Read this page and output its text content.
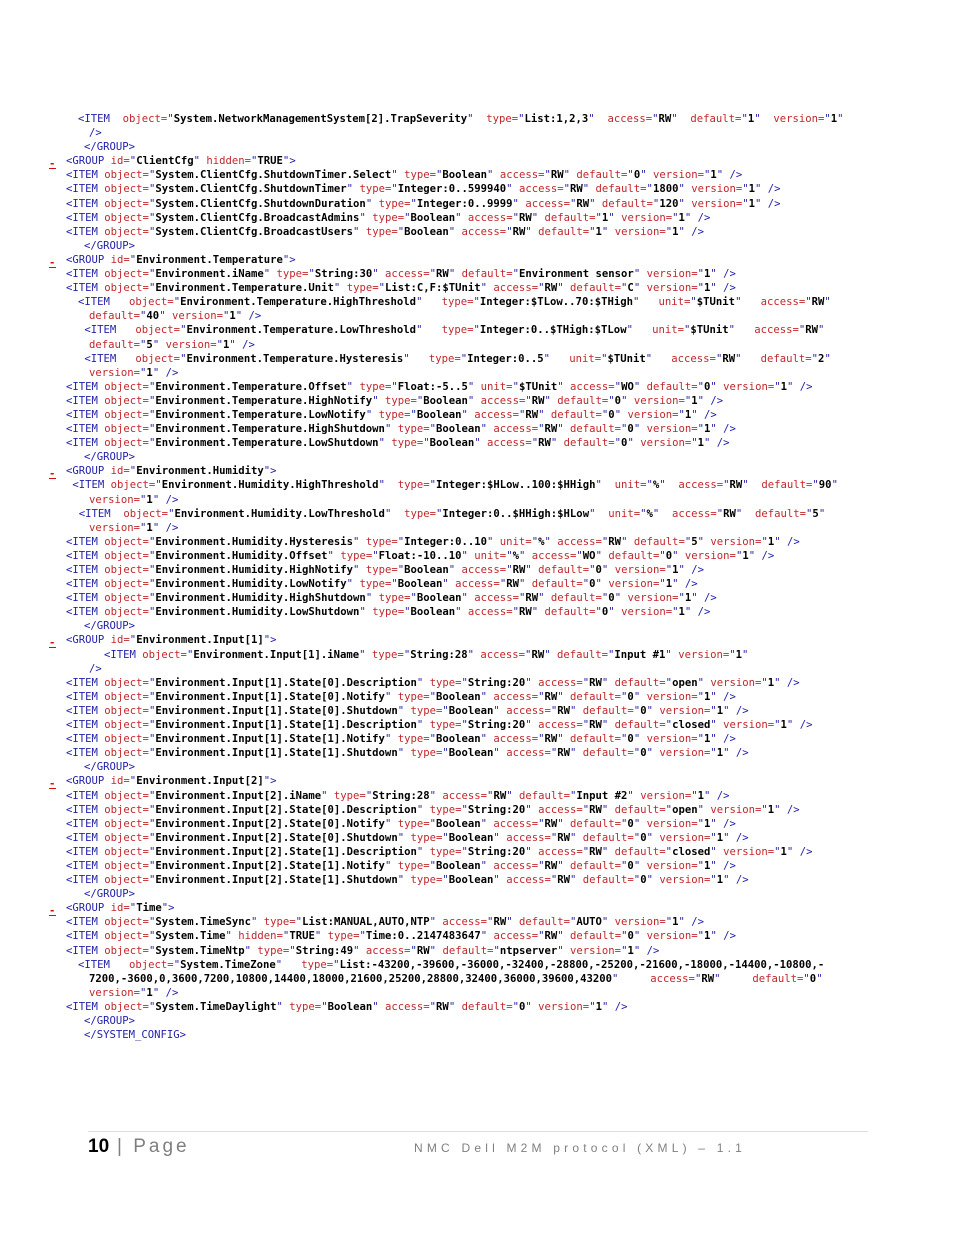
<ITEM  object="System.NetworkManagementSystem[2].TrapSeverity"  type="List:1,2,3"  access="RW"  default="1"  version="1"
/>
</GROUP>
- <GROUP id="ClientCfg" hidden="TRUE">
<ITEM object="System.ClientCfg.ShutdownTimer.Select" type="Boolean" access="RW" default="0" version="1" />
<ITEM object="System.ClientCfg.ShutdownTimer" type="Integer:0..599940" access="RW" default="1800" version="1" />
<ITEM object="System.ClientCfg.ShutdownDuration" type="Integer:0..9999" access="RW" default="120" version="1" />
<ITEM object="System.ClientCfg.BroadcastAdmins" type="Boolean" access="RW" default="1" version="1" />
<ITEM object="System.ClientCfg.BroadcastUsers" type="Boolean" access="RW" default="1" version="1" />
</GROUP>
- <GROUP id="Environment.Temperature">
<ITEM object="Environment.iName" type="String:30" access="RW" default="Environment sensor" version="1" />
<ITEM object="Environment.Temperature.Unit" type="List:C,F:$TUnit" access="RW" default="C" version="1" />
<ITEM   object="Environment.Temperature.HighThreshold"   type="Integer:$TLow..70:$THigh"   unit="$TUnit"   access="RW"
default="40" version="1" />
<ITEM   object="Environment.Temperature.LowThreshold"   type="Integer:0..$THigh:$TLow"   unit="$TUnit"   access="RW"
default="5" version="1" />
<ITEM   object="Environment.Temperature.Hysteresis"   type="Integer:0..5"   unit="$TUnit"   access="RW"   default="2"
version="1" />
<ITEM object="Environment.Temperature.Offset" type="Float:-5..5" unit="$TUnit" access="WO" default="0" version="1" />
<ITEM object="Environment.Temperature.HighNotify" type="Boolean" access="RW" default="0" version="1" />
<ITEM object="Environment.Temperature.LowNotify" type="Boolean" access="RW" default="0" version="1" />
<ITEM object="Environment.Temperature.HighShutdown" type="Boolean" access="RW" default="0" version="1" />
<ITEM object="Environment.Temperature.LowShutdown" type="Boolean" access="RW" default="0" version="1" />
</GROUP>
- <GROUP id="Environment.Humidity">
<ITEM object="Environment.Humidity.HighThreshold"  type="Integer:$HLow..100:$HHigh"  unit="%"  access="RW"  default="90"
version="1" />
<ITEM  object="Environment.Humidity.LowThreshold"  type="Integer:0..$HHigh:$HLow"  unit="%"  access="RW"  default="5"
version="1" />
<ITEM object="Environment.Humidity.Hysteresis" type="Integer:0..10" unit="%" access="RW" default="5" version="1" />
<ITEM object="Environment.Humidity.Offset" type="Float:-10..10" unit="%" access="WO" default="0" version="1" />
<ITEM object="Environment.Humidity.HighNotify" type="Boolean" access="RW" default="0" version="1" />
<ITEM object="Environment.Humidity.LowNotify" type="Boolean" access="RW" default="0" version="1" />
<ITEM object="Environment.Humidity.HighShutdown" type="Boolean" access="RW" default="0" version="1" />
<ITEM object="Environment.Humidity.LowShutdown" type="Boolean" access="RW" default="0" version="1" />
</GROUP>
- <GROUP id="Environment.Input[1]">
<ITEM object="Environment.Input[1].iName" type="String:28" access="RW" default="Input #1" version="1"
/>
<ITEM object="Environment.Input[1].State[0].Description" type="String:20" access="RW" default="open" version="1" />
<ITEM object="Environment.Input[1].State[0].Notify" type="Boolean" access="RW" default="0" version="1" />
<ITEM object="Environment.Input[1].State[0].Shutdown" type="Boolean" access="RW" default="0" version="1" />
<ITEM object="Environment.Input[1].State[1].Description" type="String:20" access="RW" default="closed" version="1" />
<ITEM object="Environment.Input[1].State[1].Notify" type="Boolean" access="RW" default="0" version="1" />
<ITEM object="Environment.Input[1].State[1].Shutdown" type="Boolean" access="RW" default="0" version="1" />
</GROUP>
- <GROUP id="Environment.Input[2]">
<ITEM object="Environment.Input[2].iName" type="String:28" access="RW" default="Input #2" version="1" />
<ITEM object="Environment.Input[2].State[0].Description" type="String:20" access="RW" default="open" version="1" />
<ITEM object="Environment.Input[2].State[0].Notify" type="Boolean" access="RW" default="0" version="1" />
<ITEM object="Environment.Input[2].State[0].Shutdown" type="Boolean" access="RW" default="0" version="1" />
<ITEM object="Environment.Input[2].State[1].Description" type="String:20" access="RW" default="closed" version="1" />
<ITEM object="Environment.Input[2].State[1].Notify" type="Boolean" access="RW" default="0" version="1" />
<ITEM object="Environment.Input[2].State[1].Shutdown" type="Boolean" access="RW" default="0" version="1" />
</GROUP>
- <GROUP id="Time">
<ITEM object="System.TimeSync" type="List:MANUAL,AUTO,NTP" access="RW" default="AUTO" version="1" />
<ITEM object="System.Time" hidden="TRUE" type="Time:0..2147483647" access="RW" default="0" version="1" />
<ITEM object="System.TimeNtp" type="String:49" access="RW" default="ntpserver" version="1" />
<ITEM   object="System.TimeZone"   type="List:-43200,-39600,-36000,-32400,-28800,-25200,-21600,-18000,-14400,-10800,-
7200,-3600,0,3600,7200,10800,14400,18000,21600,25200,28800,32400,36000,39600,43200"     access="RW"     default="0"
version="1" />
<ITEM object="System.TimeDaylight" type="Boolean" access="RW" default="0" version="1" />
</GROUP>
</SYSTEM_CONFIG>
10 | Page	NMC Dell M2M protocol (XML) – 1.1
